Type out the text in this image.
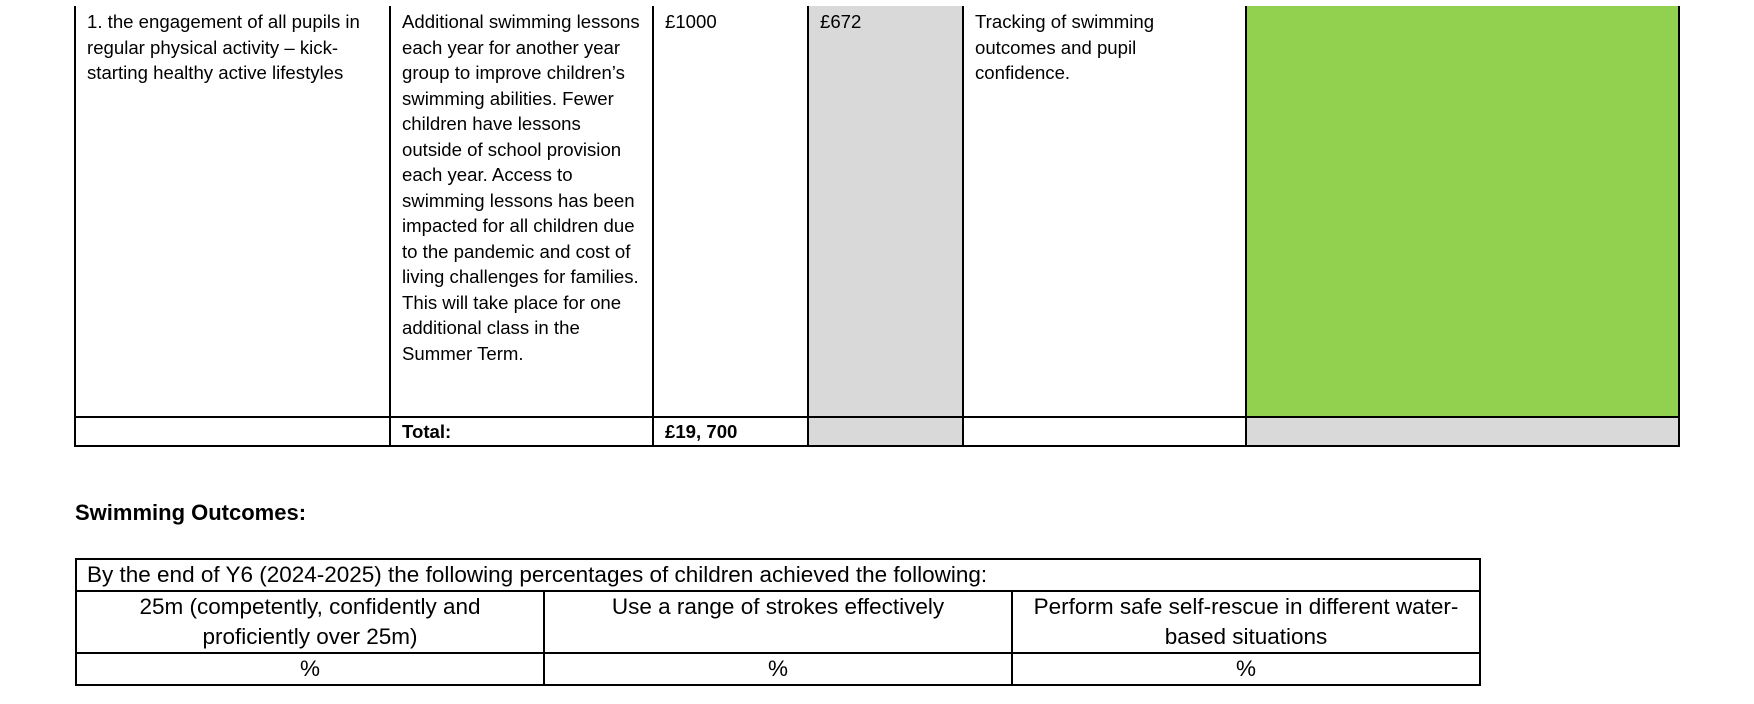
1. the engagement of all pupils in regular physical activity – kick-starting healthy active lifestyles	Additional swimming lessons each year for another year group to improve children’s swimming abilities. Fewer children have lessons outside of school provision each year. Access to swimming lessons has been impacted for all children due to the pandemic and cost of living challenges for families. This will take place for one additional class in the Summer Term.	£1000	£672	Tracking of swimming outcomes and pupil confidence.	
	Total:	£19, 700			
Swimming Outcomes:
By the end of Y6 (2024-2025) the following percentages of children achieved the following:		
25m (competently, confidently and proficiently over 25m)	Use a range of strokes effectively	Perform safe self-rescue in different water-based situations
%	%	%
